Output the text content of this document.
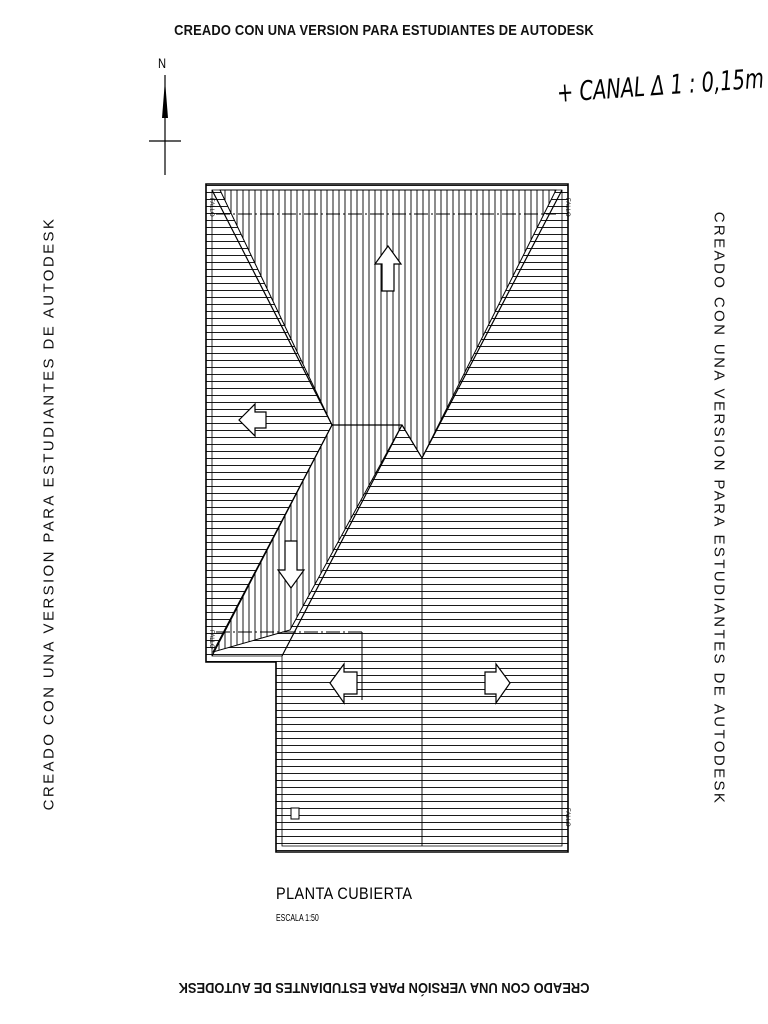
CREADO CON UNA VERSION PARA ESTUDIANTES DE AUTODESK
CREADO CON UNA VERSION PARA ESTUDIANTES DE AUTODESK	CREADO CON UNA VERSION PARA ESTUDIANTES DE AUTODESK
CREADO CON UNA VERSIÓN PARA ESTUDIANTES DE AUTODESK
N
+ CANAL Δ 1 : 0,15m
FALLO
FALLO
FALLO
FALLO
PLANTA CUBIERTA
ESCALA 1:50
